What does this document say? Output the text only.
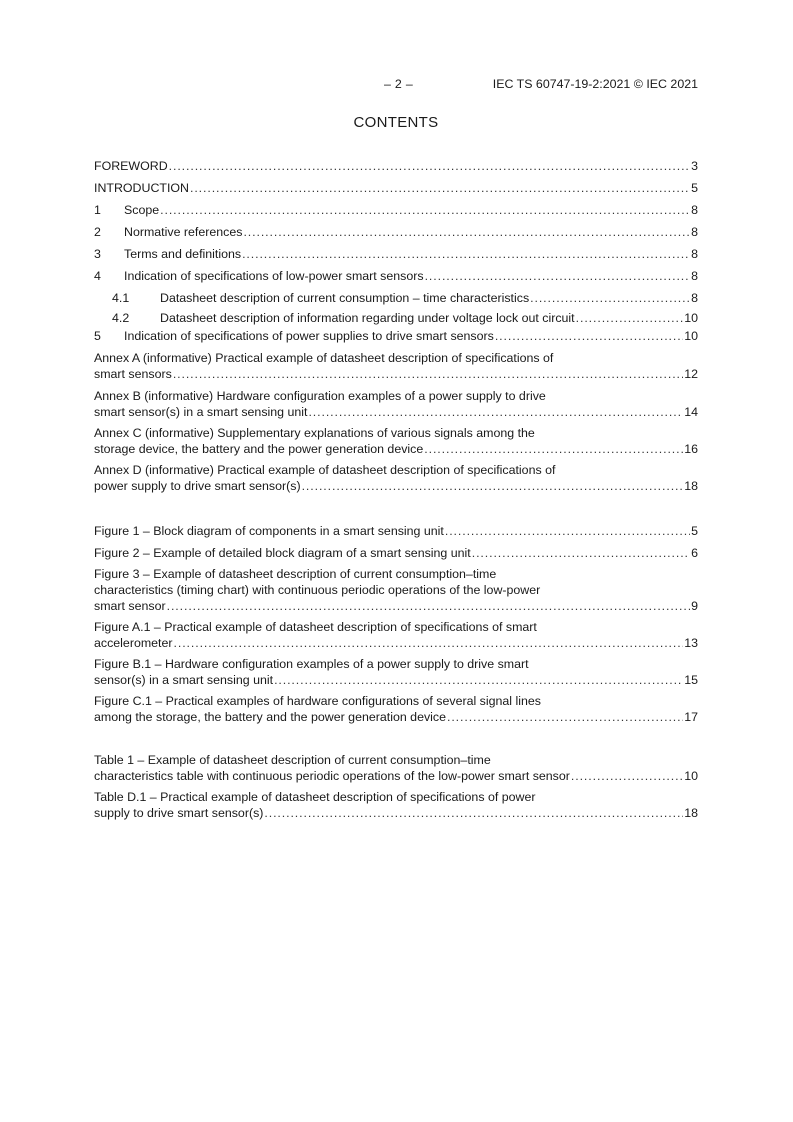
– 2 –	IEC TS 60747-19-2:2021 © IEC 2021
CONTENTS
FOREWORD .....	3
INTRODUCTION .....	5
1	Scope .....	8
2	Normative references .....	8
3	Terms and definitions .....	8
4	Indication of specifications of low-power smart sensors .....	8
4.1	Datasheet description of current consumption – time characteristics .....	8
4.2	Datasheet description of information regarding under voltage lock out circuit .....	10
5	Indication of specifications of power supplies to drive smart sensors .....	10
Annex A (informative) Practical example of datasheet description of specifications of
smart sensors .....	12
Annex B (informative) Hardware configuration examples of a power supply to drive
smart sensor(s) in a smart sensing unit .....	14
Annex C (informative) Supplementary explanations of various signals among the
storage device, the battery and the power generation device .....	16
Annex D (informative) Practical example of datasheet description of specifications of
power supply to drive smart sensor(s) .....	18
Figure 1 – Block diagram of components in a smart sensing unit .....	5
Figure 2 – Example of detailed block diagram of a smart sensing unit .....	6
Figure 3 – Example of datasheet description of current consumption–time
characteristics (timing chart) with continuous periodic operations of the low-power
smart sensor .....	9
Figure A.1 – Practical example of datasheet description of specifications of smart
accelerometer .....	13
Figure B.1 – Hardware configuration examples of a power supply to drive smart
sensor(s) in a smart sensing unit .....	15
Figure C.1 – Practical examples of hardware configurations of several signal lines
among the storage, the battery and the power generation device .....	17
Table 1 – Example of datasheet description of current consumption–time
characteristics table with continuous periodic operations of the low-power smart sensor .....	10
Table D.1 – Practical example of datasheet description of specifications of power
supply to drive smart sensor(s) .....	18
